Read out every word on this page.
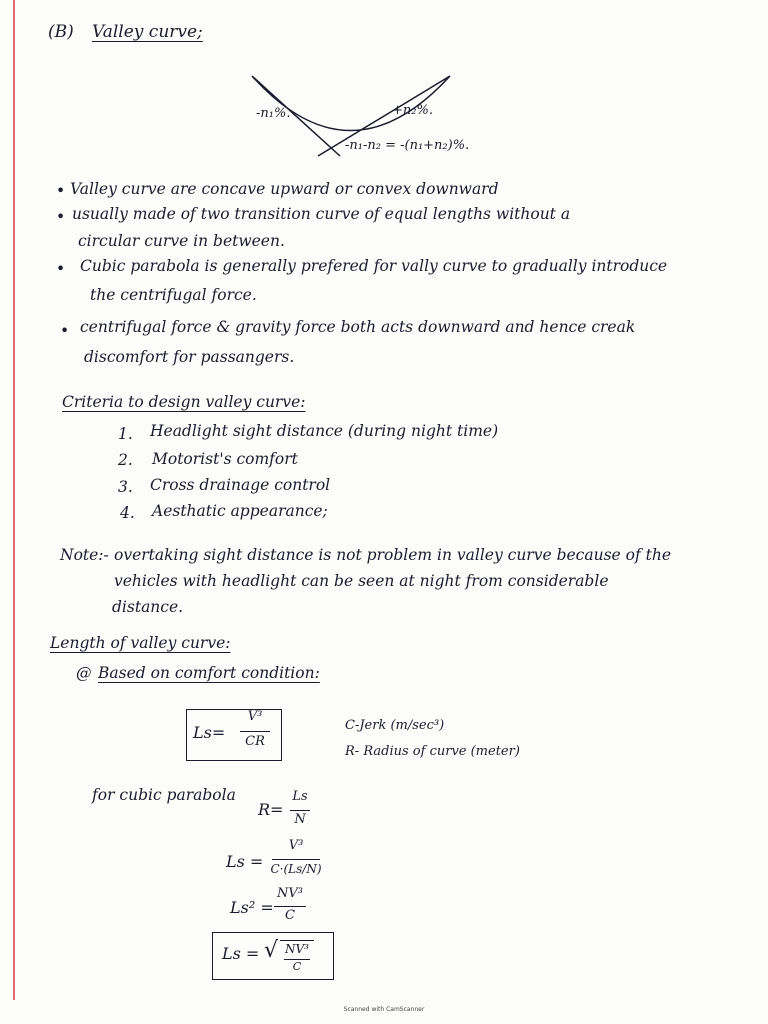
(B) Valley curve;
-n₁%.	+n₂%.
-n₁-n₂ = -(n₁+n₂)%.
• Valley curve are concave upward or convex downward
• usually made of two transition curve of equal lengths without a
circular curve in between.
• Cubic parabola is generally prefered for vally curve to gradually introduce
the centrifugal force.
• centrifugal force & gravity force both acts downward and hence creak
discomfort for passangers.
Criteria to design valley curve:
1. Headlight sight distance (during night time)
2. Motorist's comfort
3. Cross drainage control
4. Aesthatic appearance;
Note:- overtaking sight distance is not problem in valley curve because of the
vehicles with headlight can be seen at night from considerable
distance.
Length of valley curve:
@ Based on comfort condition:
Ls=
V³
CR
C-Jerk (m/sec³)
R- Radius of curve (meter)
for cubic parabola
R=
Ls
N
Ls =
V³
C·(Ls/N)
Ls² =
NV³
C
Ls = √ NV³
C
Scanned with CamScanner
